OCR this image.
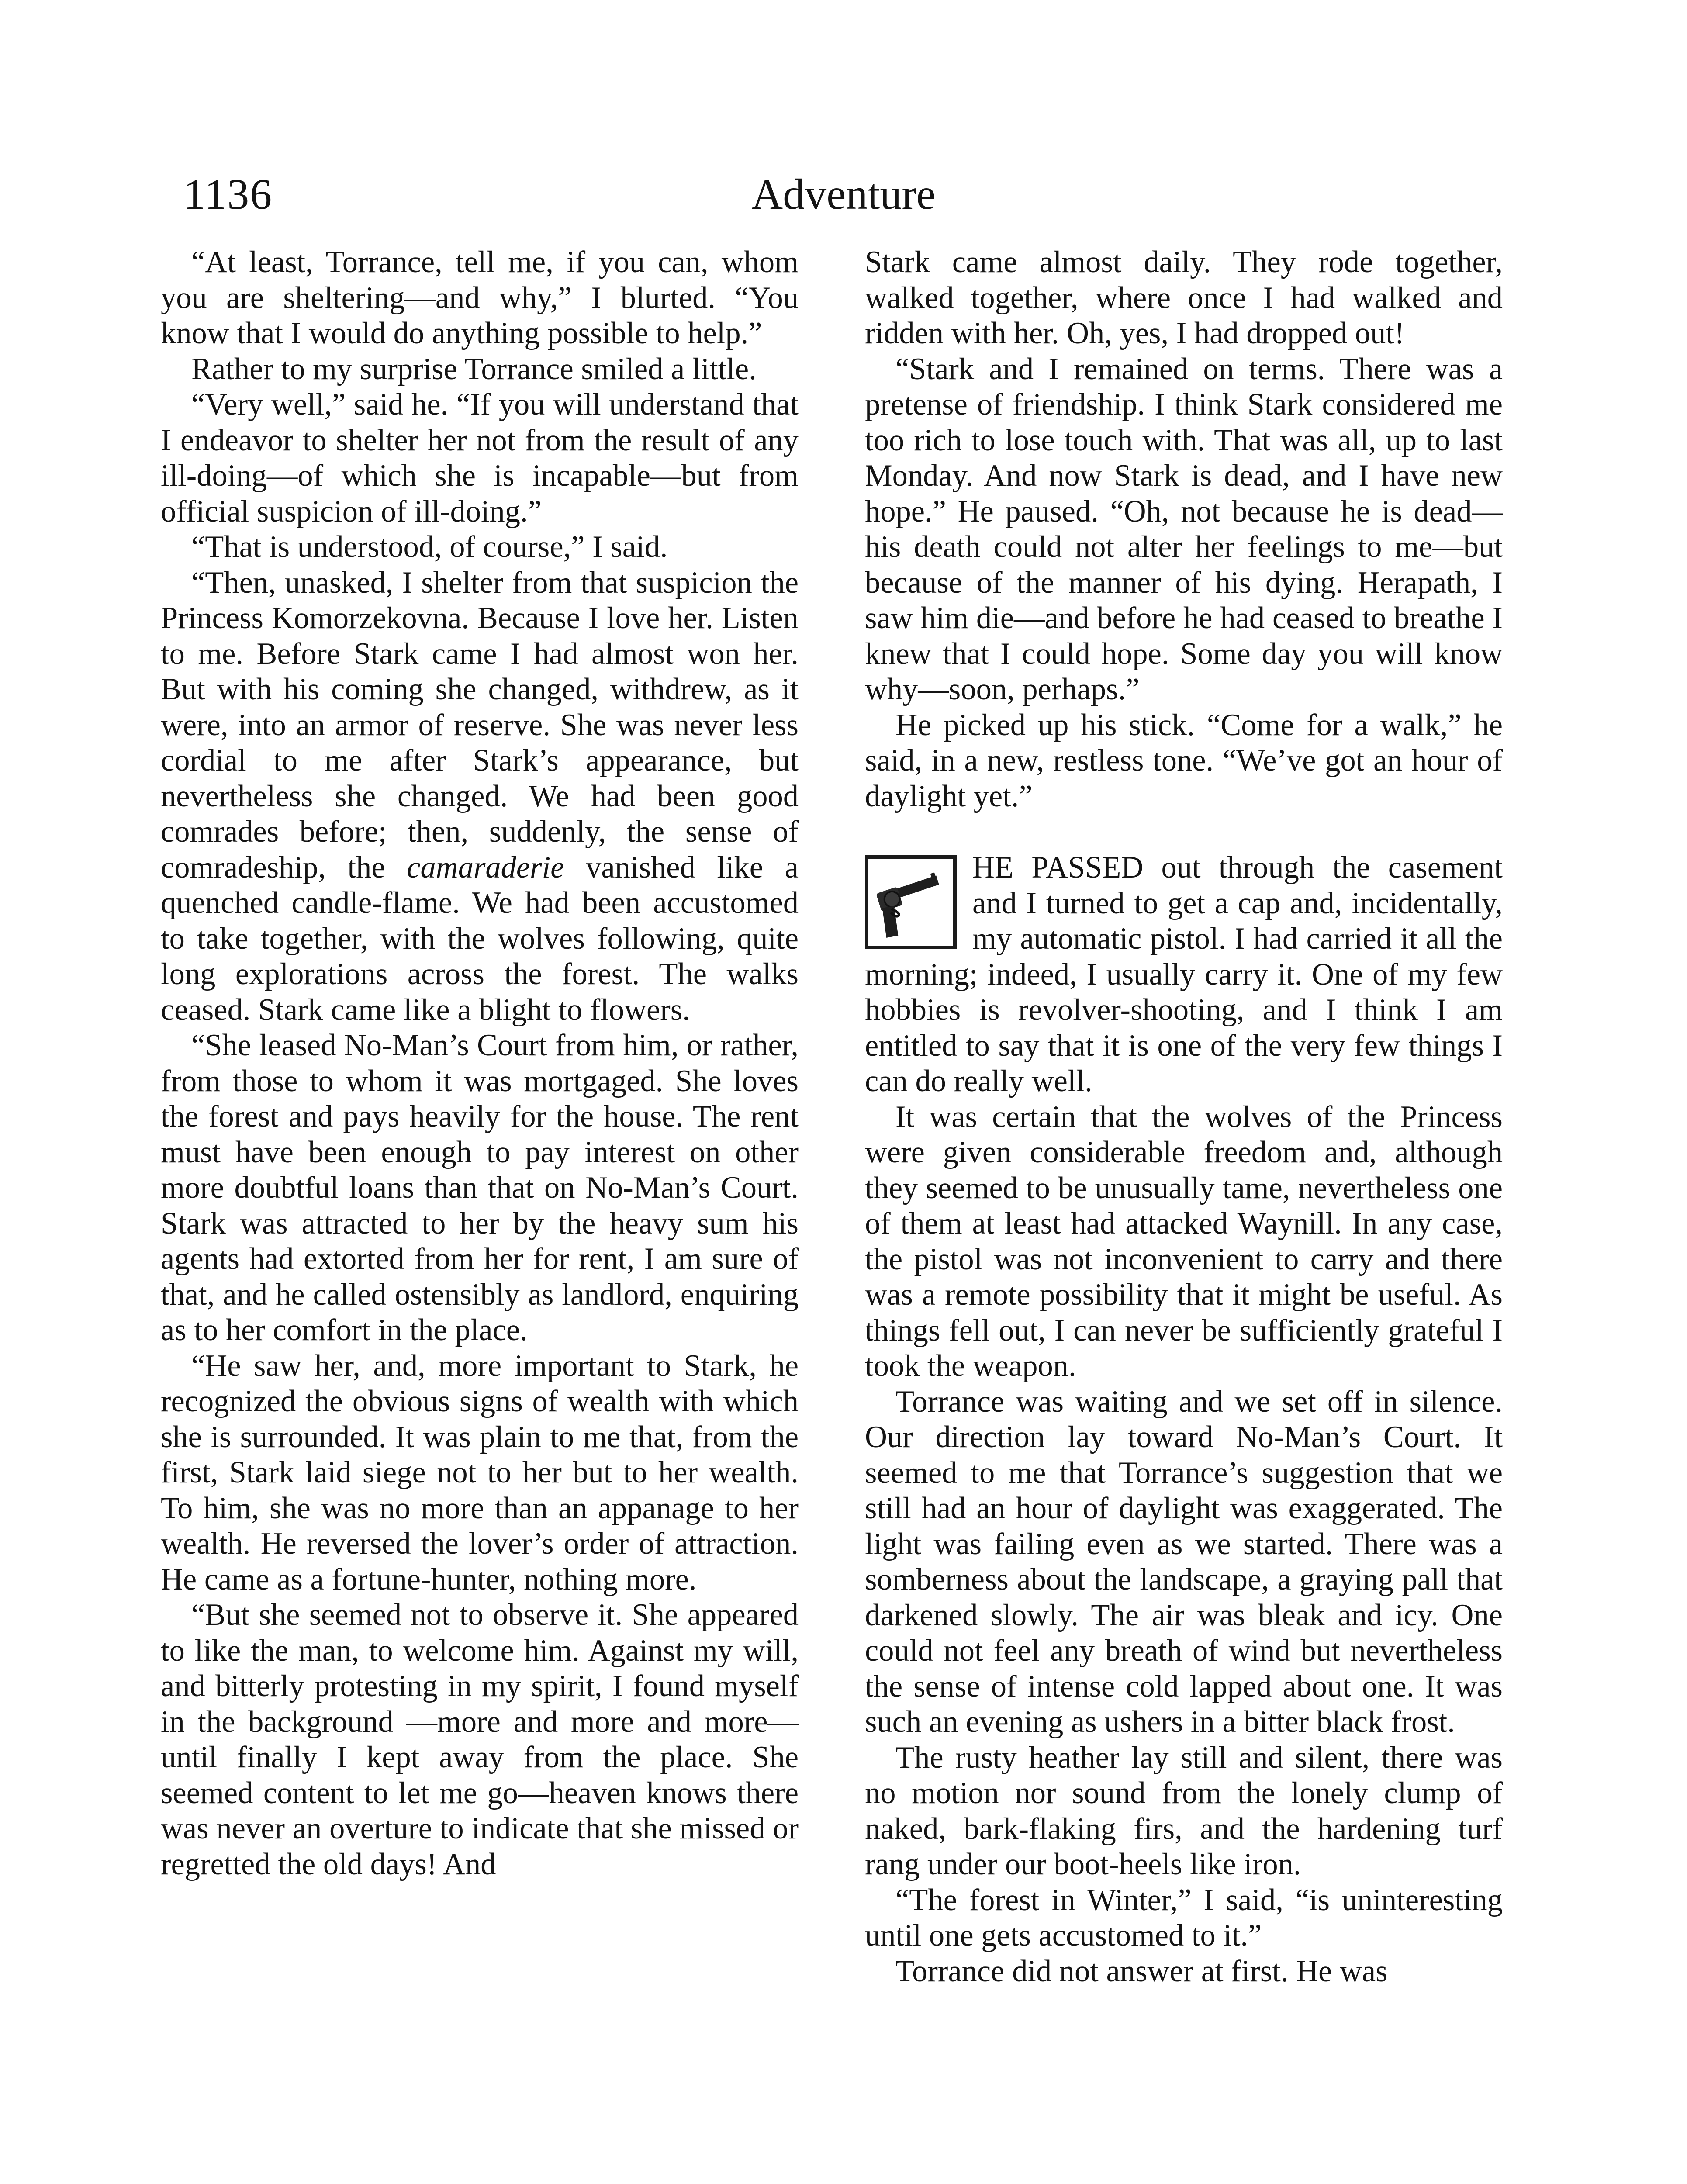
1136	Adventure

“At least, Torrance, tell me, if you can, whom you are sheltering—and why,” I blurted. “You know that I would do anything possible to help.”

Rather to my surprise Torrance smiled a little.

“Very well,” said he. “If you will understand that I endeavor to shelter her not from the result of any ill-doing—of which she is incapable—but from official suspicion of ill-doing.”

“That is understood, of course,” I said.

“Then, unasked, I shelter from that suspicion the Princess Komorzekovna. Because I love her. Listen to me. Before Stark came I had almost won her. But with his coming she changed, withdrew, as it were, into an armor of reserve. She was never less cordial to me after Stark’s appearance, but nevertheless she changed. We had been good comrades before; then, suddenly, the sense of comradeship, the camaraderie vanished like a quenched candle-flame. We had been accustomed to take together, with the wolves following, quite long explorations across the forest. The walks ceased. Stark came like a blight to flowers.

“She leased No-Man’s Court from him, or rather, from those to whom it was mortgaged. She loves the forest and pays heavily for the house. The rent must have been enough to pay interest on other more doubtful loans than that on No-Man’s Court. Stark was attracted to her by the heavy sum his agents had extorted from her for rent, I am sure of that, and he called ostensibly as landlord, enquiring as to her comfort in the place.

“He saw her, and, more important to Stark, he recognized the obvious signs of wealth with which she is surrounded. It was plain to me that, from the first, Stark laid siege not to her but to her wealth. To him, she was no more than an appanage to her wealth. He reversed the lover’s order of attraction. He came as a fortune-hunter, nothing more.

“But she seemed not to observe it. She appeared to like the man, to welcome him. Against my will, and bitterly protesting in my spirit, I found myself in the background —more and more and more—until finally I kept away from the place. She seemed content to let me go—heaven knows there was never an overture to indicate that she missed or regretted the old days! And

Stark came almost daily. They rode together, walked together, where once I had walked and ridden with her. Oh, yes, I had dropped out!

“Stark and I remained on terms. There was a pretense of friendship. I think Stark considered me too rich to lose touch with. That was all, up to last Monday. And now Stark is dead, and I have new hope.” He paused. “Oh, not because he is dead—his death could not alter her feelings to me—but because of the manner of his dying. Herapath, I saw him die—and before he had ceased to breathe I knew that I could hope. Some day you will know why—soon, perhaps.”

He picked up his stick. “Come for a walk,” he said, in a new, restless tone. “We’ve got an hour of daylight yet.”

HE PASSED out through the casement and I turned to get a cap and, incidentally, my automatic pistol. I had carried it all the morning; indeed, I usually carry it. One of my few hobbies is revolver-shooting, and I think I am entitled to say that it is one of the very few things I can do really well.

It was certain that the wolves of the Princess were given considerable freedom and, although they seemed to be unusually tame, nevertheless one of them at least had attacked Waynill. In any case, the pistol was not inconvenient to carry and there was a remote possibility that it might be useful. As things fell out, I can never be sufficiently grateful I took the weapon.

Torrance was waiting and we set off in silence. Our direction lay toward No-Man’s Court. It seemed to me that Torrance’s suggestion that we still had an hour of daylight was exaggerated. The light was failing even as we started. There was a somberness about the landscape, a graying pall that darkened slowly. The air was bleak and icy. One could not feel any breath of wind but nevertheless the sense of intense cold lapped about one. It was such an evening as ushers in a bitter black frost.

The rusty heather lay still and silent, there was no motion nor sound from the lonely clump of naked, bark-flaking firs, and the hardening turf rang under our boot-heels like iron.

“The forest in Winter,” I said, “is uninteresting until one gets accustomed to it.”

Torrance did not answer at first. He was
